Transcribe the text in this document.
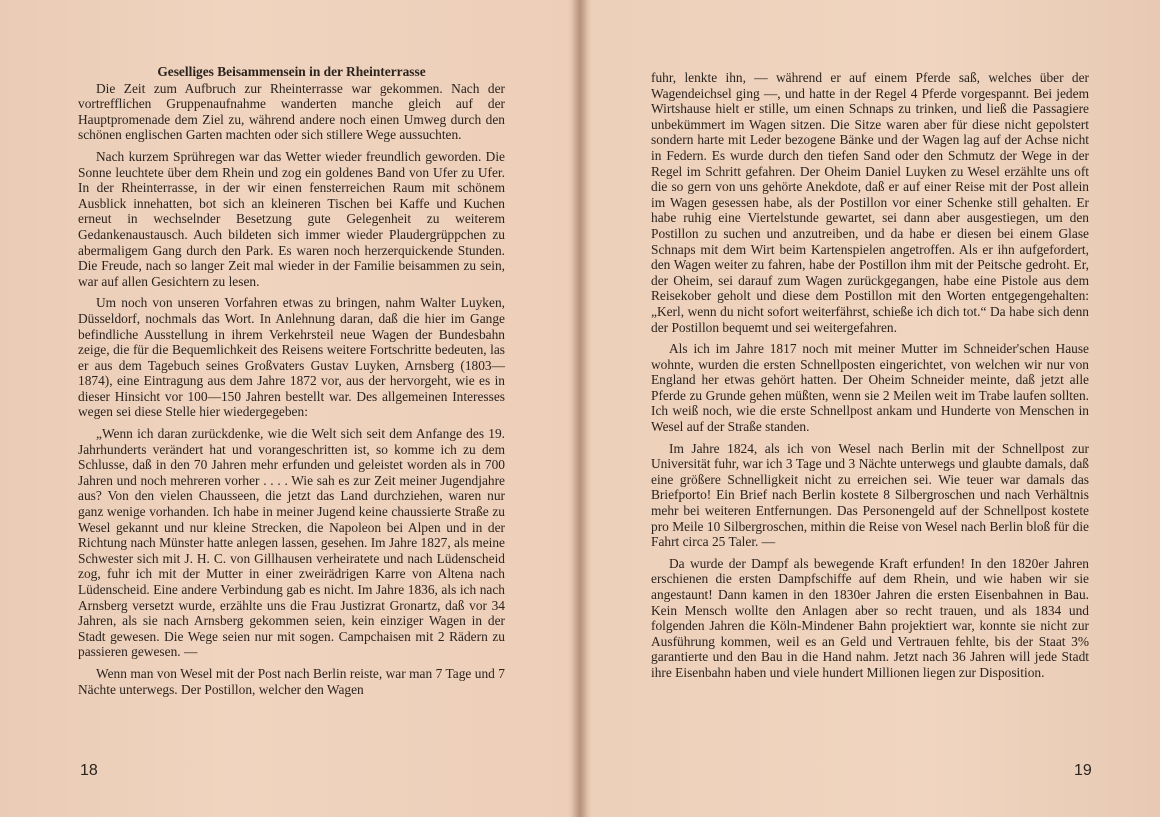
Geselliges Beisammensein in der Rheinterrasse

Die Zeit zum Aufbruch zur Rheinterrasse war gekommen. Nach der vortrefflichen Gruppenaufnahme wanderten manche gleich auf der Hauptpromenade dem Ziel zu, während andere noch einen Umweg durch den schönen englischen Garten machten oder sich stillere Wege aussuchten.

Nach kurzem Sprühregen war das Wetter wieder freundlich geworden. Die Sonne leuchtete über dem Rhein und zog ein goldenes Band von Ufer zu Ufer. In der Rheinterrasse, in der wir einen fensterreichen Raum mit schönem Ausblick innehatten, bot sich an kleineren Tischen bei Kaffe und Kuchen erneut in wechselnder Besetzung gute Gelegenheit zu weiterem Gedankenaustausch. Auch bildeten sich immer wieder Plaudergrüppchen zu abermaligem Gang durch den Park. Es waren noch herzerquickende Stunden. Die Freude, nach so langer Zeit mal wieder in der Familie beisammen zu sein, war auf allen Gesichtern zu lesen.

Um noch von unseren Vorfahren etwas zu bringen, nahm Walter Luyken, Düsseldorf, nochmals das Wort. In Anlehnung daran, daß die hier im Gange befindliche Ausstellung in ihrem Verkehrsteil neue Wagen der Bundesbahn zeige, die für die Bequemlichkeit des Reisens weitere Fortschritte bedeuten, las er aus dem Tagebuch seines Großvaters Gustav Luyken, Arnsberg (1803—1874), eine Eintragung aus dem Jahre 1872 vor, aus der hervorgeht, wie es in dieser Hinsicht vor 100—150 Jahren bestellt war. Des allgemeinen Interesses wegen sei diese Stelle hier wiedergegeben:

„Wenn ich daran zurückdenke, wie die Welt sich seit dem Anfange des 19. Jahrhunderts verändert hat und vorangeschritten ist, so komme ich zu dem Schlusse, daß in den 70 Jahren mehr erfunden und geleistet worden als in 700 Jahren und noch mehreren vorher . . . . Wie sah es zur Zeit meiner Jugendjahre aus? Von den vielen Chausseen, die jetzt das Land durchziehen, waren nur ganz wenige vorhanden. Ich habe in meiner Jugend keine chaussierte Straße zu Wesel gekannt und nur kleine Strecken, die Napoleon bei Alpen und in der Richtung nach Münster hatte anlegen lassen, gesehen. Im Jahre 1827, als meine Schwester sich mit J. H. C. von Gillhausen verheiratete und nach Lüdenscheid zog, fuhr ich mit der Mutter in einer zweirädrigen Karre von Altena nach Lüdenscheid. Eine andere Verbindung gab es nicht. Im Jahre 1836, als ich nach Arnsberg versetzt wurde, erzählte uns die Frau Justizrat Gronartz, daß vor 34 Jahren, als sie nach Arnsberg gekommen seien, kein einziger Wagen in der Stadt gewesen. Die Wege seien nur mit sogen. Campchaisen mit 2 Rädern zu passieren gewesen. —

Wenn man von Wesel mit der Post nach Berlin reiste, war man 7 Tage und 7 Nächte unterwegs. Der Postillon, welcher den Wagen

18

fuhr, lenkte ihn, — während er auf einem Pferde saß, welches über der Wagendeichsel ging —, und hatte in der Regel 4 Pferde vorgespannt. Bei jedem Wirtshause hielt er stille, um einen Schnaps zu trinken, und ließ die Passagiere unbekümmert im Wagen sitzen. Die Sitze waren aber für diese nicht gepolstert sondern harte mit Leder bezogene Bänke und der Wagen lag auf der Achse nicht in Federn. Es wurde durch den tiefen Sand oder den Schmutz der Wege in der Regel im Schritt gefahren. Der Oheim Daniel Luyken zu Wesel erzählte uns oft die so gern von uns gehörte Anekdote, daß er auf einer Reise mit der Post allein im Wagen gesessen habe, als der Postillon vor einer Schenke still gehalten. Er habe ruhig eine Viertelstunde gewartet, sei dann aber ausgestiegen, um den Postillon zu suchen und anzutreiben, und da habe er diesen bei einem Glase Schnaps mit dem Wirt beim Kartenspielen angetroffen. Als er ihn aufgefordert, den Wagen weiter zu fahren, habe der Postillon ihm mit der Peitsche gedroht. Er, der Oheim, sei darauf zum Wagen zurückgegangen, habe eine Pistole aus dem Reisekober geholt und diese dem Postillon mit den Worten entgegengehalten: „Kerl, wenn du nicht sofort weiterfährst, schieße ich dich tot.“ Da habe sich denn der Postillon bequemt und sei weitergefahren.

Als ich im Jahre 1817 noch mit meiner Mutter im Schneider'schen Hause wohnte, wurden die ersten Schnellposten eingerichtet, von welchen wir nur von England her etwas gehört hatten. Der Oheim Schneider meinte, daß jetzt alle Pferde zu Grunde gehen müßten, wenn sie 2 Meilen weit im Trabe laufen sollten. Ich weiß noch, wie die erste Schnellpost ankam und Hunderte von Menschen in Wesel auf der Straße standen.

Im Jahre 1824, als ich von Wesel nach Berlin mit der Schnellpost zur Universität fuhr, war ich 3 Tage und 3 Nächte unterwegs und glaubte damals, daß eine größere Schnelligkeit nicht zu erreichen sei. Wie teuer war damals das Briefporto! Ein Brief nach Berlin kostete 8 Silbergroschen und nach Verhältnis mehr bei weiteren Entfernungen. Das Personengeld auf der Schnellpost kostete pro Meile 10 Silbergroschen, mithin die Reise von Wesel nach Berlin bloß für die Fahrt circa 25 Taler. —

Da wurde der Dampf als bewegende Kraft erfunden! In den 1820er Jahren erschienen die ersten Dampfschiffe auf dem Rhein, und wie haben wir sie angestaunt! Dann kamen in den 1830er Jahren die ersten Eisenbahnen in Bau. Kein Mensch wollte den Anlagen aber so recht trauen, und als 1834 und folgenden Jahren die Köln-Mindener Bahn projektiert war, konnte sie nicht zur Ausführung kommen, weil es an Geld und Vertrauen fehlte, bis der Staat 3% garantierte und den Bau in die Hand nahm. Jetzt nach 36 Jahren will jede Stadt ihre Eisenbahn haben und viele hundert Millionen liegen zur Disposition.

19
